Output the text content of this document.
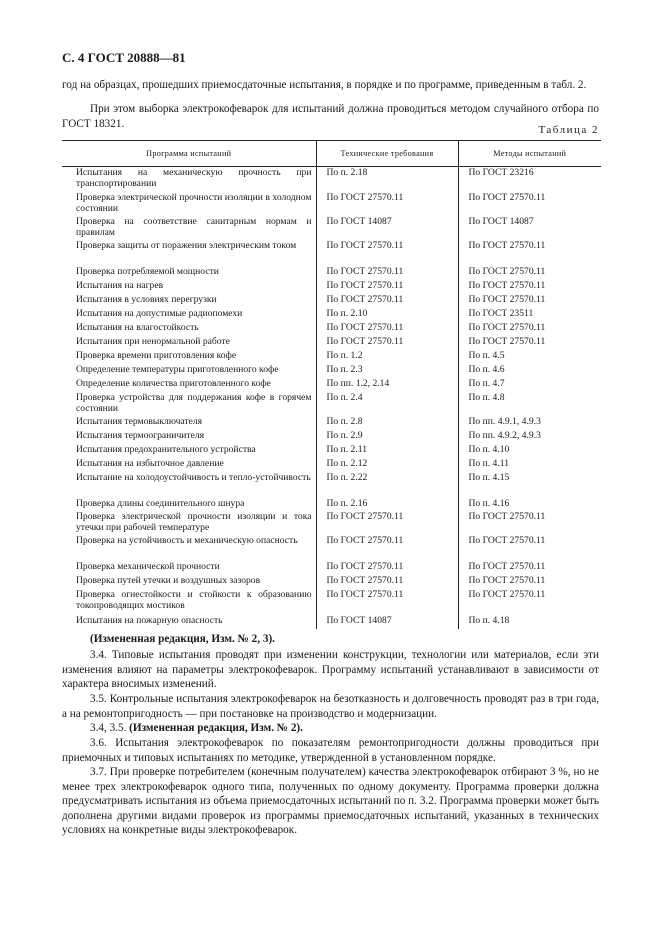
С. 4 ГОСТ 20888—81
год на образцах, прошедших приемосдаточные испытания, в порядке и по программе, приведенным в табл. 2.
При этом выборка электрокофеварок для испытаний должна проводиться методом случайного отбора по ГОСТ 18321.
Таблица 2
Программа испытаний	Технические требования	Методы испытаний
Испытания на механическую прочность при транспортировании	По п. 2.18	По ГОСТ 23216
Проверка электрической прочности изоляции в холодном состоянии	По ГОСТ 27570.11	По ГОСТ 27570.11
Проверка на соответствие санитарным нормам и правилам	По ГОСТ 14087	По ГОСТ 14087
Проверка защиты от поражения электрическим током	По ГОСТ 27570.11	По ГОСТ 27570.11
Проверка потребляемой мощности	По ГОСТ 27570.11	По ГОСТ 27570.11
Испытания на нагрев	По ГОСТ 27570.11	По ГОСТ 27570.11
Испытания в условиях перегрузки	По ГОСТ 27570.11	По ГОСТ 27570.11
Испытания на допустимые радиопомехи	По п. 2.10	По ГОСТ 23511
Испытания на влагостойкость	По ГОСТ 27570.11	По ГОСТ 27570.11
Испытания при ненормальной работе	По ГОСТ 27570.11	По ГОСТ 27570.11
Проверка времени приготовления кофе	По п. 1.2	По п. 4.5
Определение температуры приготовленного кофе	По п. 2.3	По п. 4.6
Определение количества приготовленного кофе	По пп. 1.2, 2.14	По п. 4.7
Проверка устройства для поддержания кофе в горячем состоянии	По п. 2.4	По п. 4.8
Испытания термовыключателя	По п. 2.8	По пп. 4.9.1, 4.9.3
Испытания термоограничителя	По п. 2.9	По пп. 4.9.2, 4.9.3
Испытания предохранительного устройства	По п. 2.11	По п. 4.10
Испытания на избыточное давление	По п. 2.12	По п. 4.11
Испытание на холодоустойчивость и тепло-устойчивость	По п. 2.22	По п. 4.15
Проверка длины соединительного шнура	По п. 2.16	По п. 4.16
Проверка электрической прочности изоляции и тока утечки при рабочей температуре	По ГОСТ 27570.11	По ГОСТ 27570.11
Проверка на устойчивость и механическую опасность	По ГОСТ 27570.11	По ГОСТ 27570.11
Проверка механической прочности	По ГОСТ 27570.11	По ГОСТ 27570.11
Проверка путей утечки и воздушных зазоров	По ГОСТ 27570.11	По ГОСТ 27570.11
Проверка огнестойкости и стойкости к образованию токопроводящих мостиков	По ГОСТ 27570.11	По ГОСТ 27570.11
Испытания на пожарную опасность	По ГОСТ 14087	По п. 4.18
(Измененная редакция, Изм. № 2, 3).
3.4. Типовые испытания проводят при изменении конструкции, технологии или материалов, если эти изменения влияют на параметры электрокофеварок. Программу испытаний устанавливают в зависимости от характера вносимых изменений.
3.5. Контрольные испытания электрокофеварок на безотказность и долговечность проводят раз в три года, а на ремонтопригодность — при постановке на производство и модернизации.
3.4, 3.5. (Измененная редакция, Изм. № 2).
3.6. Испытания электрокофеварок по показателям ремонтопригодности должны проводиться при приемочных и типовых испытаниях по методике, утвержденной в установленном порядке.
3.7. При проверке потребителем (конечным получателем) качества электрокофеварок отбирают 3 %, но не менее трех электрокофеварок одного типа, полученных по одному документу. Программа проверки должна предусматривать испытания из объема приемосдаточных испытаний по п. 3.2. Программа проверки может быть дополнена другими видами проверок из программы приемосдаточных испытаний, указанных в технических условиях на конкретные виды электрокофеварок.
